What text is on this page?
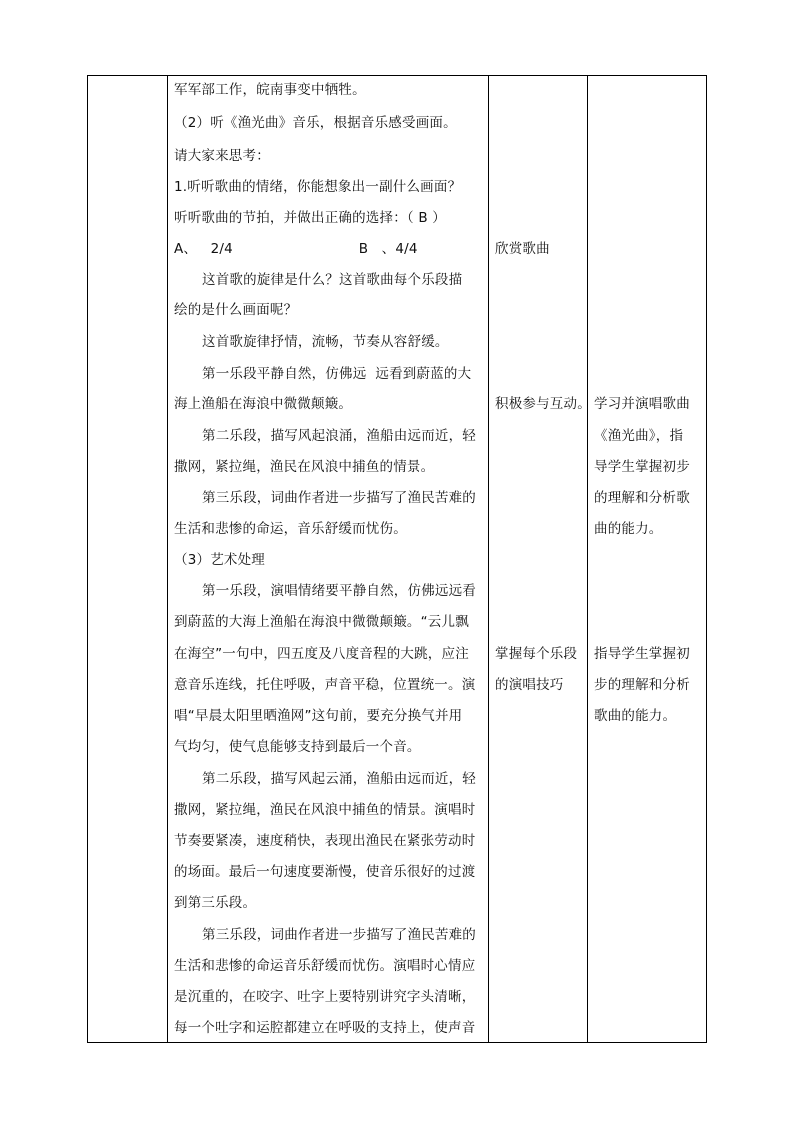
军军部工作，皖南事变中牺牲。
（2）听《渔光曲》音乐，根据音乐感受画面。
请大家来思考：
1.听听歌曲的情绪，你能想象出一副什么画面？
听听歌曲的节拍，并做出正确的选择：（ B ）
A、   2/4                            B   、4/4
这首歌的旋律是什么？这首歌曲每个乐段描
绘的是什么画面呢？
这首歌旋律抒情，流畅，节奏从容舒缓。
第一乐段平静自然，仿佛远  远看到蔚蓝的大
海上渔船在海浪中微微颠簸。
第二乐段，描写风起浪涌，渔船由远而近，轻
撒网，紧拉绳，渔民在风浪中捕鱼的情景。
第三乐段，词曲作者进一步描写了渔民苦难的
生活和悲惨的命运，音乐舒缓而忧伤。
（3）艺术处理
第一乐段，演唱情绪要平静自然，仿佛远远看
到蔚蓝的大海上渔船在海浪中微微颠簸。“云儿飘
在海空”一句中，四五度及八度音程的大跳，应注
意音乐连线，托住呼吸，声音平稳，位置统一。演
唱“早晨太阳里晒渔网”这句前，要充分换气并用
气均匀，使气息能够支持到最后一个音。
第二乐段，描写风起云涌，渔船由远而近，轻
撒网，紧拉绳，渔民在风浪中捕鱼的情景。演唱时
节奏要紧凑，速度稍快，表现出渔民在紧张劳动时
的场面。最后一句速度要渐慢，使音乐很好的过渡
到第三乐段。
第三乐段，词曲作者进一步描写了渔民苦难的
生活和悲惨的命运音乐舒缓而忧伤。演唱时心情应
是沉重的，在咬字、吐字上要特别讲究字头清晰，
每一个吐字和运腔都建立在呼吸的支持上，使声音
欣赏歌曲
积极参与互动。
掌握每个乐段
的演唱技巧
学习并演唱歌曲
《渔光曲》，指
导学生掌握初步
的理解和分析歌
曲的能力。
指导学生掌握初
步的理解和分析
歌曲的能力。
